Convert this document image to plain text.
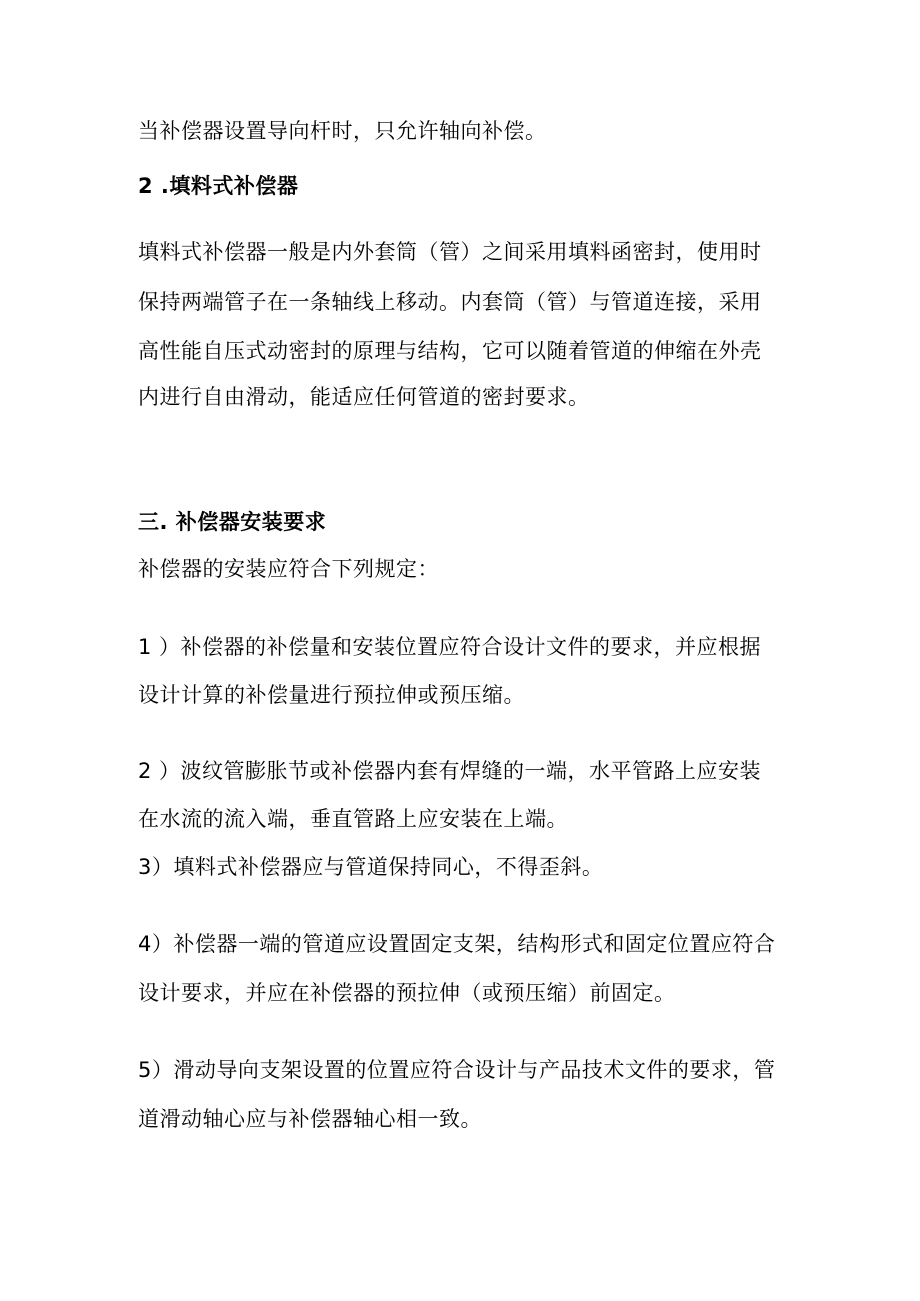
当补偿器设置导向杆时，只允许轴向补偿。
2 .填料式补偿器
填料式补偿器一般是内外套筒（管）之间采用填料函密封，使用时
保持两端管子在一条轴线上移动。内套筒（管）与管道连接，采用
高性能自压式动密封的原理与结构，它可以随着管道的伸缩在外壳
内进行自由滑动，能适应任何管道的密封要求。
三. 补偿器安装要求
补偿器的安装应符合下列规定：
1 ）补偿器的补偿量和安装位置应符合设计文件的要求，并应根据
设计计算的补偿量进行预拉伸或预压缩。
2 ）波纹管膨胀节或补偿器内套有焊缝的一端，水平管路上应安装
在水流的流入端，垂直管路上应安装在上端。
3）填料式补偿器应与管道保持同心，不得歪斜。
4）补偿器一端的管道应设置固定支架，结构形式和固定位置应符合
设计要求，并应在补偿器的预拉伸（或预压缩）前固定。
5）滑动导向支架设置的位置应符合设计与产品技术文件的要求，管
道滑动轴心应与补偿器轴心相一致。
